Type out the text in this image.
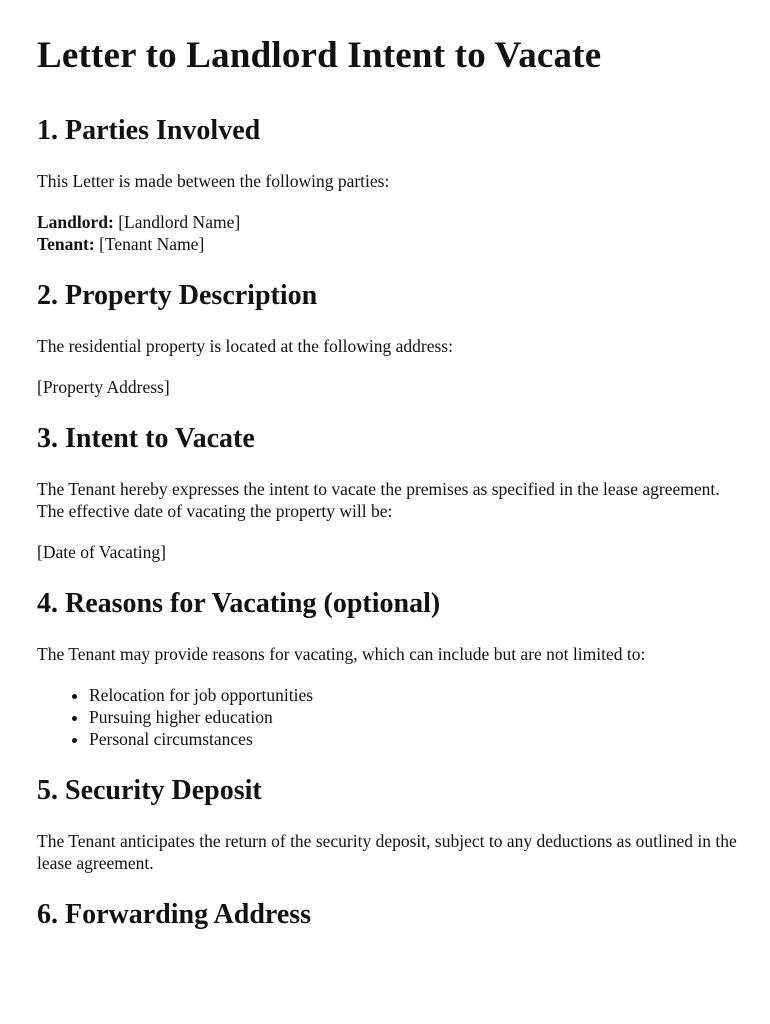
Letter to Landlord Intent to Vacate
1. Parties Involved

This Letter is made between the following parties:

Landlord: [Landlord Name]
Tenant: [Tenant Name]

2. Property Description

The residential property is located at the following address:

[Property Address]

3. Intent to Vacate

The Tenant hereby expresses the intent to vacate the premises as specified in the lease agreement. The effective date of vacating the property will be:

[Date of Vacating]

4. Reasons for Vacating (optional)

The Tenant may provide reasons for vacating, which can include but are not limited to:

• Relocation for job opportunities
• Pursuing higher education
• Personal circumstances
5. Security Deposit

The Tenant anticipates the return of the security deposit, subject to any deductions as outlined in the lease agreement.

6. Forwarding Address
